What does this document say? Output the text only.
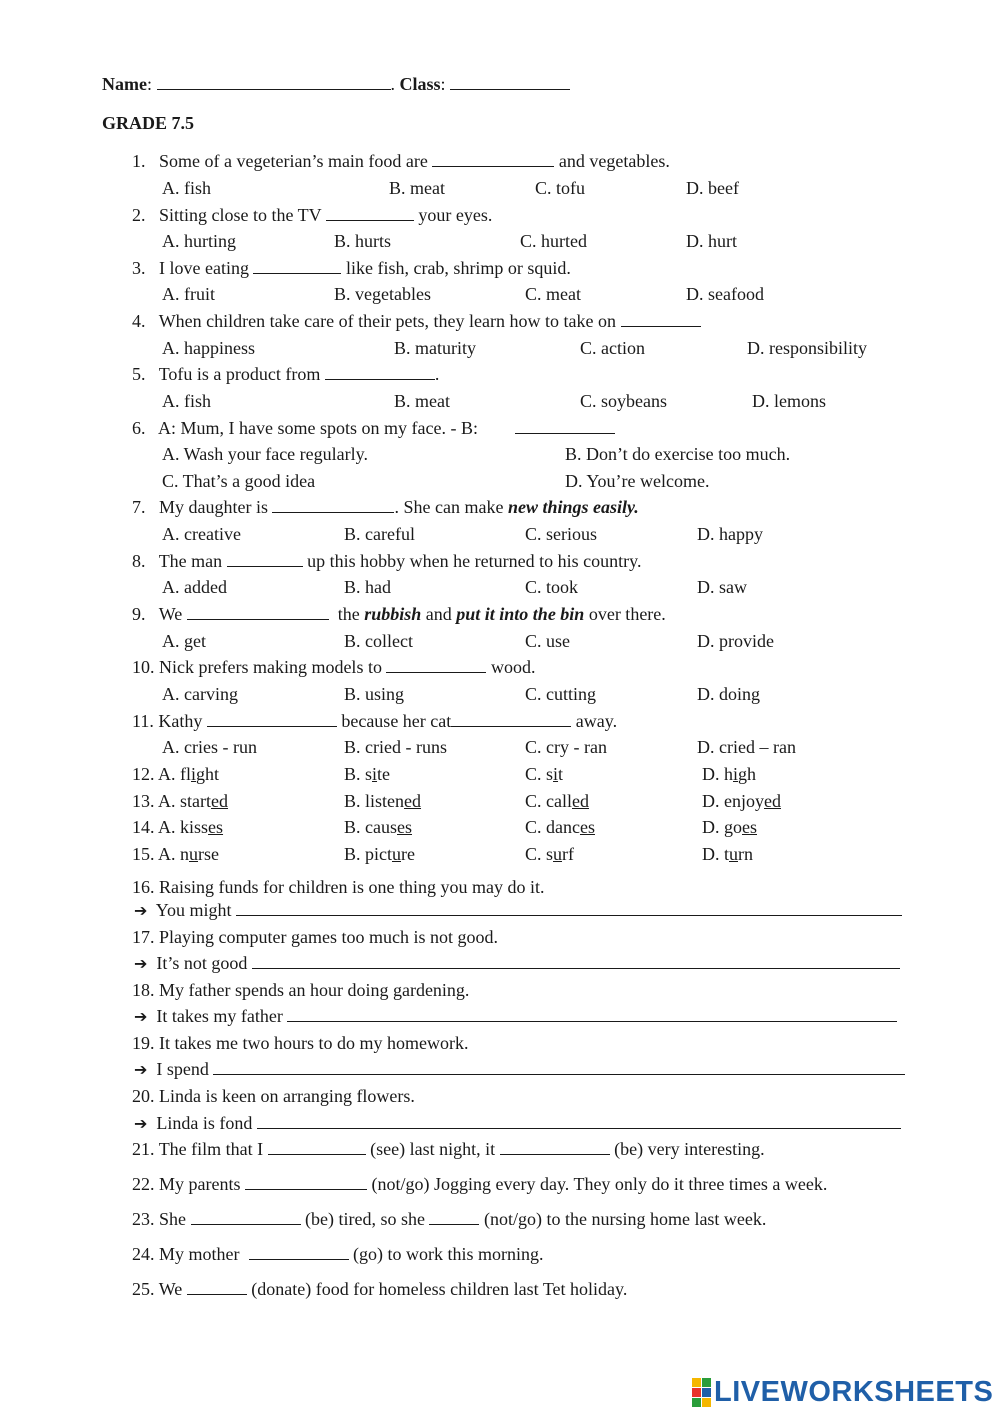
Name:	. Class:
GRADE 7.5
1. Some of a vegeterian’s main food are	and vegetables.
A. fish	B. meat	C. tofu	D. beef
2. Sitting close to the TV	your eyes.
A. hurting	B. hurts	C. hurted	D. hurt
3. I love eating	like fish, crab, shrimp or squid.
A. fruit	B. vegetables	C. meat	D. seafood
4. When children take care of their pets, they learn how to take on
A. happiness	B. maturity	C. action	D. responsibility
5. Tofu is a product from	.
A. fish	B. meat	C. soybeans	D. lemons
6. A: Mum, I have some spots on my face. - B:
A. Wash your face regularly.	B. Don’t do exercise too much.
C. That’s a good idea	D. You’re welcome.
7. My daughter is	. She can make new things easily.
A. creative	B. careful	C. serious	D. happy
8. The man	up this hobby when he returned to his country.
A. added	B. had	C. took	D. saw
9. We	the rubbish and put it into the bin over there.
A. get	B. collect	C. use	D. provide
10. Nick prefers making models to	wood.
A. carving	B. using	C. cutting	D. doing
11. Kathy	because her cat	away.
A. cries - run	B. cried - runs	C. cry - ran	D. cried – ran
12. A. flight	B. site	C. sit	D. high
13. A. started	B. listened	C. called	D. enjoyed
14. A. kisses	B. causes	C. dances	D. goes
15. A. nurse	B. picture	C. surf	D. turn
16. Raising funds for children is one thing you may do it.
➔ You might
17. Playing computer games too much is not good.
➔ It’s not good
18. My father spends an hour doing gardening.
➔ It takes my father
19. It takes me two hours to do my homework.
➔ I spend
20. Linda is keen on arranging flowers.
➔ Linda is fond
21. The film that I	(see) last night, it	(be) very interesting.
22. My parents	(not/go) Jogging every day. They only do it three times a week.
23. She	(be) tired, so she	(not/go) to the nursing home last week.
24. My mother	(go) to work this morning.
25. We	(donate) food for homeless children last Tet holiday.
LIVEWORKSHEETS
